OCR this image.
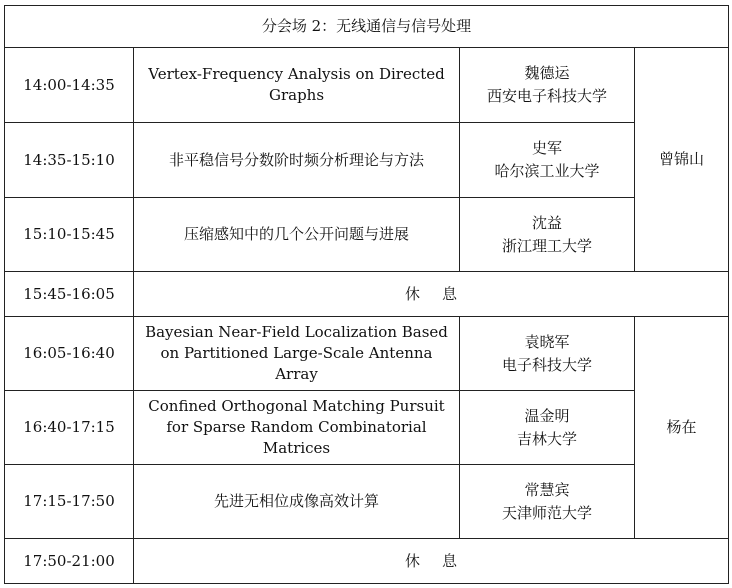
分会场 2：无线通信与信号处理			
14:00-14:35	Vertex-Frequency Analysis on Directed Graphs	魏德运
西安电子科技大学	曾锦山
14:35-15:10	非平稳信号分数阶时频分析理论与方法	史军
哈尔滨工业大学	

15:10-15:45	压缩感知中的几个公开问题与进展	沈益
浙江理工大学	

15:45-16:05	休 息		
16:05-16:40	Bayesian Near-Field Localization Based on Partitioned Large-Scale Antenna Array	袁晓军
电子科技大学	杨在
16:40-17:15	Confined Orthogonal Matching Pursuit for Sparse Random Combinatorial Matrices	温金明
吉林大学	

17:15-17:50	先进无相位成像高效计算	常慧宾
天津师范大学	

17:50-21:00	休 息		
